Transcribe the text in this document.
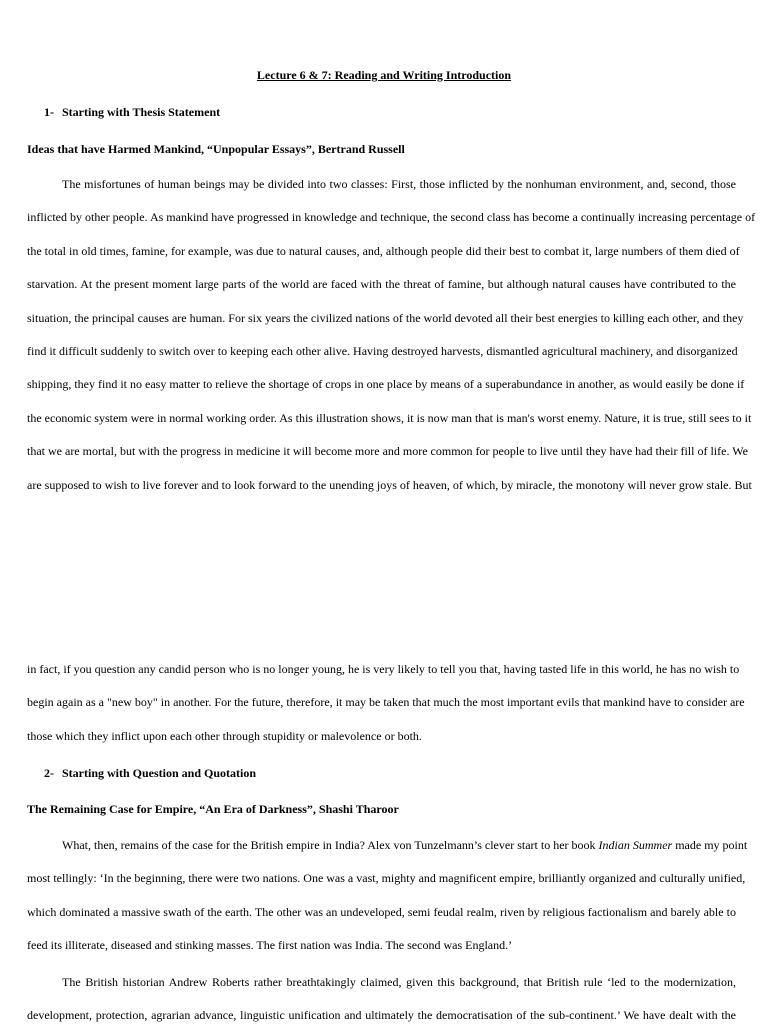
Lecture 6 & 7: Reading and Writing Introduction
1- Starting with Thesis Statement
Ideas that have Harmed Mankind, “Unpopular Essays”, Bertrand Russell
The misfortunes of human beings may be divided into two classes: First, those inflicted by the nonhuman environment, and, second, those
inflicted by other people. As mankind have progressed in knowledge and technique, the second class has become a continually increasing percentage of
the total in old times, famine, for example, was due to natural causes, and, although people did their best to combat it, large numbers of them died of
starvation. At the present moment large parts of the world are faced with the threat of famine, but although natural causes have contributed to the
situation, the principal causes are human. For six years the civilized nations of the world devoted all their best energies to killing each other, and they
find it difficult suddenly to switch over to keeping each other alive. Having destroyed harvests, dismantled agricultural machinery, and disorganized
shipping, they find it no easy matter to relieve the shortage of crops in one place by means of a superabundance in another, as would easily be done if
the economic system were in normal working order. As this illustration shows, it is now man that is man's worst enemy. Nature, it is true, still sees to it
that we are mortal, but with the progress in medicine it will become more and more common for people to live until they have had their fill of life. We
are supposed to wish to live forever and to look forward to the unending joys of heaven, of which, by miracle, the monotony will never grow stale. But
in fact, if you question any candid person who is no longer young, he is very likely to tell you that, having tasted life in this world, he has no wish to
begin again as a "new boy" in another. For the future, therefore, it may be taken that much the most important evils that mankind have to consider are
those which they inflict upon each other through stupidity or malevolence or both.
2- Starting with Question and Quotation
The Remaining Case for Empire, “An Era of Darkness”, Shashi Tharoor
What, then, remains of the case for the British empire in India? Alex von Tunzelmann’s clever start to her book Indian Summer made my point
most tellingly: ‘In the beginning, there were two nations. One was a vast, mighty and magnificent empire, brilliantly organized and culturally unified,
which dominated a massive swath of the earth. The other was an undeveloped, semi feudal realm, riven by religious factionalism and barely able to
feed its illiterate, diseased and stinking masses. The first nation was India. The second was England.’
The British historian Andrew Roberts rather breathtakingly claimed, given this background, that British rule ‘led to the modernization,
development, protection, agrarian advance, linguistic unification and ultimately the democratisation of the sub-continent.’ We have dealt with the
